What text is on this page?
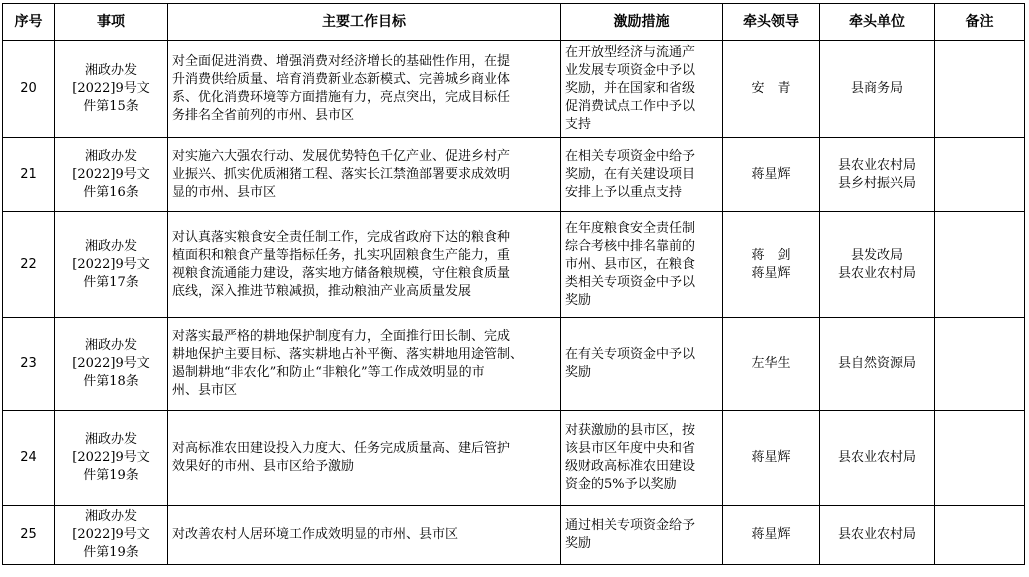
序号	事项	主要工作目标	激励措施	牵头领导	牵头单位	备注
20	湘政办发
[2022]9号文
件第15条	对全面促进消费、增强消费对经济增长的基础性作用，在提
升消费供给质量、培育消费新业态新模式、完善城乡商业体
系、优化消费环境等方面措施有力，亮点突出，完成目标任
务排名全省前列的市州、县市区	在开放型经济与流通产
业发展专项资金中予以
奖励，并在国家和省级
促消费试点工作中予以
支持	安　青	县商务局	

21	湘政办发
[2022]9号文
件第16条	对实施六大强农行动、发展优势特色千亿产业、促进乡村产
业振兴、抓实优质湘猪工程、落实长江禁渔部署要求成效明
显的市州、县市区	在相关专项资金中给予
奖励，在有关建设项目
安排上予以重点支持	蒋星辉	县农业农村局
县乡村振兴局	

22	湘政办发
[2022]9号文
件第17条	对认真落实粮食安全责任制工作，完成省政府下达的粮食种
植面积和粮食产量等指标任务，扎实巩固粮食生产能力，重
视粮食流通能力建设，落实地方储备粮规模，守住粮食质量
底线，深入推进节粮减损，推动粮油产业高质量发展	在年度粮食安全责任制
综合考核中排名靠前的
市州、县市区，在粮食
类相关专项资金中予以
奖励	蒋　剑
蒋星辉	县发改局
县农业农村局	

23	湘政办发
[2022]9号文
件第18条	对落实最严格的耕地保护制度有力，全面推行田长制、完成
耕地保护主要目标、落实耕地占补平衡、落实耕地用途管制、
遏制耕地“非农化”和防止“非粮化”等工作成效明显的市
州、县市区	在有关专项资金中予以
奖励	左华生	县自然资源局	

24	湘政办发
[2022]9号文
件第19条	对高标准农田建设投入力度大、任务完成质量高、建后管护
效果好的市州、县市区给予激励	对获激励的县市区，按
该县市区年度中央和省
级财政高标准农田建设
资金的5%予以奖励	蒋星辉	县农业农村局	

25	湘政办发
[2022]9号文
件第19条	对改善农村人居环境工作成效明显的市州、县市区	通过相关专项资金给予
奖励	蒋星辉	县农业农村局	
